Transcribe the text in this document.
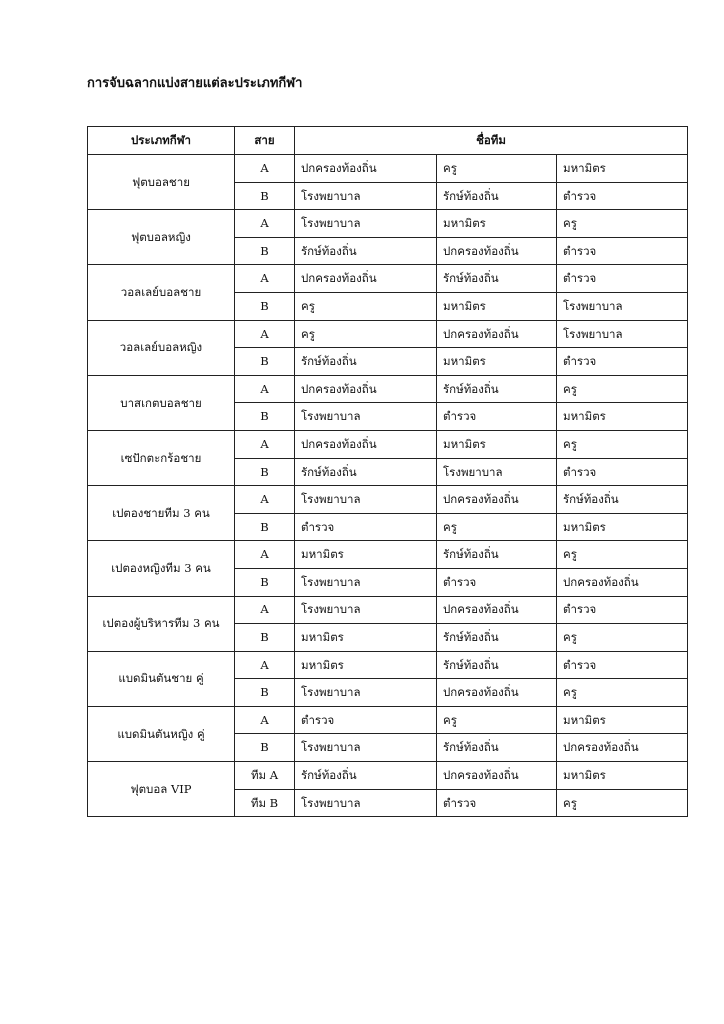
การจับฉลากแบ่งสายแต่ละประเภทกีฬา
ประเภทกีฬา	สาย	ชื่อทีม		
ฟุตบอลชาย	A	ปกครองท้องถิ่น	ครู	มหามิตร
	B	โรงพยาบาล	รักษ์ท้องถิ่น	ตำรวจ
ฟุตบอลหญิง	A	โรงพยาบาล	มหามิตร	ครู
	B	รักษ์ท้องถิ่น	ปกครองท้องถิ่น	ตำรวจ
วอลเลย์บอลชาย	A	ปกครองท้องถิ่น	รักษ์ท้องถิ่น	ตำรวจ
	B	ครู	มหามิตร	โรงพยาบาล
วอลเลย์บอลหญิง	A	ครู	ปกครองท้องถิ่น	โรงพยาบาล
	B	รักษ์ท้องถิ่น	มหามิตร	ตำรวจ
บาสเกตบอลชาย	A	ปกครองท้องถิ่น	รักษ์ท้องถิ่น	ครู
	B	โรงพยาบาล	ตำรวจ	มหามิตร
เซปักตะกร้อชาย	A	ปกครองท้องถิ่น	มหามิตร	ครู
	B	รักษ์ท้องถิ่น	โรงพยาบาล	ตำรวจ
เปตองชายทีม 3 คน	A	โรงพยาบาล	ปกครองท้องถิ่น	รักษ์ท้องถิ่น
	B	ตำรวจ	ครู	มหามิตร
เปตองหญิงทีม 3 คน	A	มหามิตร	รักษ์ท้องถิ่น	ครู
	B	โรงพยาบาล	ตำรวจ	ปกครองท้องถิ่น
เปตองผู้บริหารทีม 3 คน	A	โรงพยาบาล	ปกครองท้องถิ่น	ตำรวจ
	B	มหามิตร	รักษ์ท้องถิ่น	ครู
แบดมินตันชาย คู่	A	มหามิตร	รักษ์ท้องถิ่น	ตำรวจ
	B	โรงพยาบาล	ปกครองท้องถิ่น	ครู
แบดมินตันหญิง คู่	A	ตำรวจ	ครู	มหามิตร
	B	โรงพยาบาล	รักษ์ท้องถิ่น	ปกครองท้องถิ่น
ฟุตบอล VIP	ทีม A	รักษ์ท้องถิ่น	ปกครองท้องถิ่น	มหามิตร
	ทีม B	โรงพยาบาล	ตำรวจ	ครู
